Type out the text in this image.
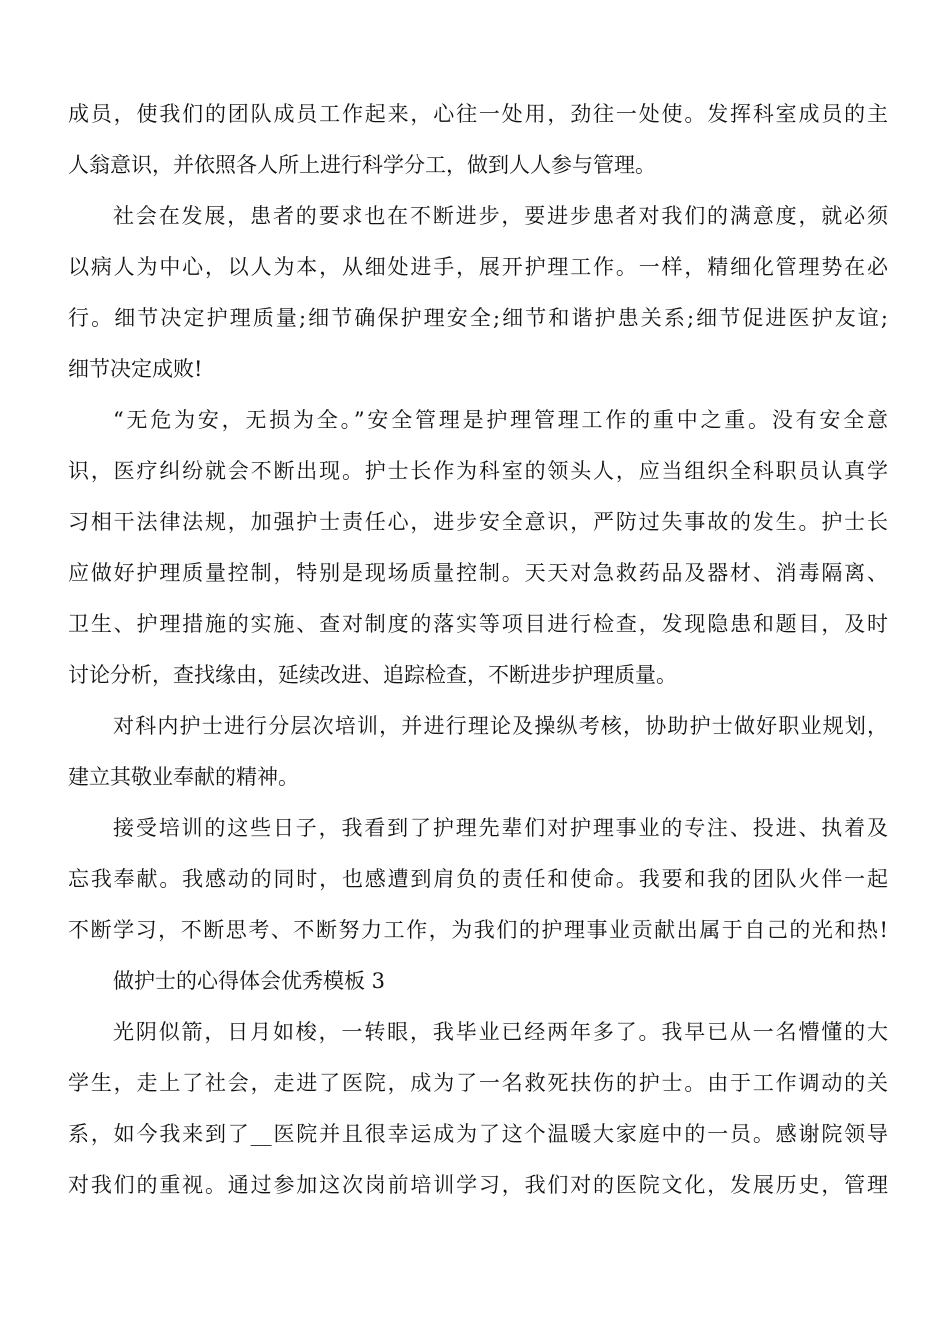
成员，使我们的团队成员工作起来，心往一处用，劲往一处使。发挥科室成员的主
人翁意识，并依照各人所上进行科学分工，做到人人参与管理。
社会在发展，患者的要求也在不断进步，要进步患者对我们的满意度，就必须
以病人为中心，以人为本，从细处进手，展开护理工作。一样，精细化管理势在必
行。细节决定护理质量;细节确保护理安全;细节和谐护患关系;细节促进医护友谊;
细节决定成败!
“无危为安，无损为全。”安全管理是护理管理工作的重中之重。没有安全意
识，医疗纠纷就会不断出现。护士长作为科室的领头人，应当组织全科职员认真学
习相干法律法规，加强护士责任心，进步安全意识，严防过失事故的发生。护士长
应做好护理质量控制，特别是现场质量控制。天天对急救药品及器材、消毒隔离、
卫生、护理措施的实施、查对制度的落实等项目进行检查，发现隐患和题目，及时
讨论分析，查找缘由，延续改进、追踪检查，不断进步护理质量。
对科内护士进行分层次培训，并进行理论及操纵考核，协助护士做好职业规划，
建立其敬业奉献的精神。
接受培训的这些日子，我看到了护理先辈们对护理事业的专注、投进、执着及
忘我奉献。我感动的同时，也感遭到肩负的责任和使命。我要和我的团队火伴一起
不断学习，不断思考、不断努力工作，为我们的护理事业贡献出属于自己的光和热!
做护士的心得体会优秀模板 3
光阴似箭，日月如梭，一转眼，我毕业已经两年多了。我早已从一名懵懂的大
学生，走上了社会，走进了医院，成为了一名救死扶伤的护士。由于工作调动的关
系，如今我来到了__医院并且很幸运成为了这个温暖大家庭中的一员。感谢院领导
对我们的重视。通过参加这次岗前培训学习，我们对的医院文化，发展历史，管理
